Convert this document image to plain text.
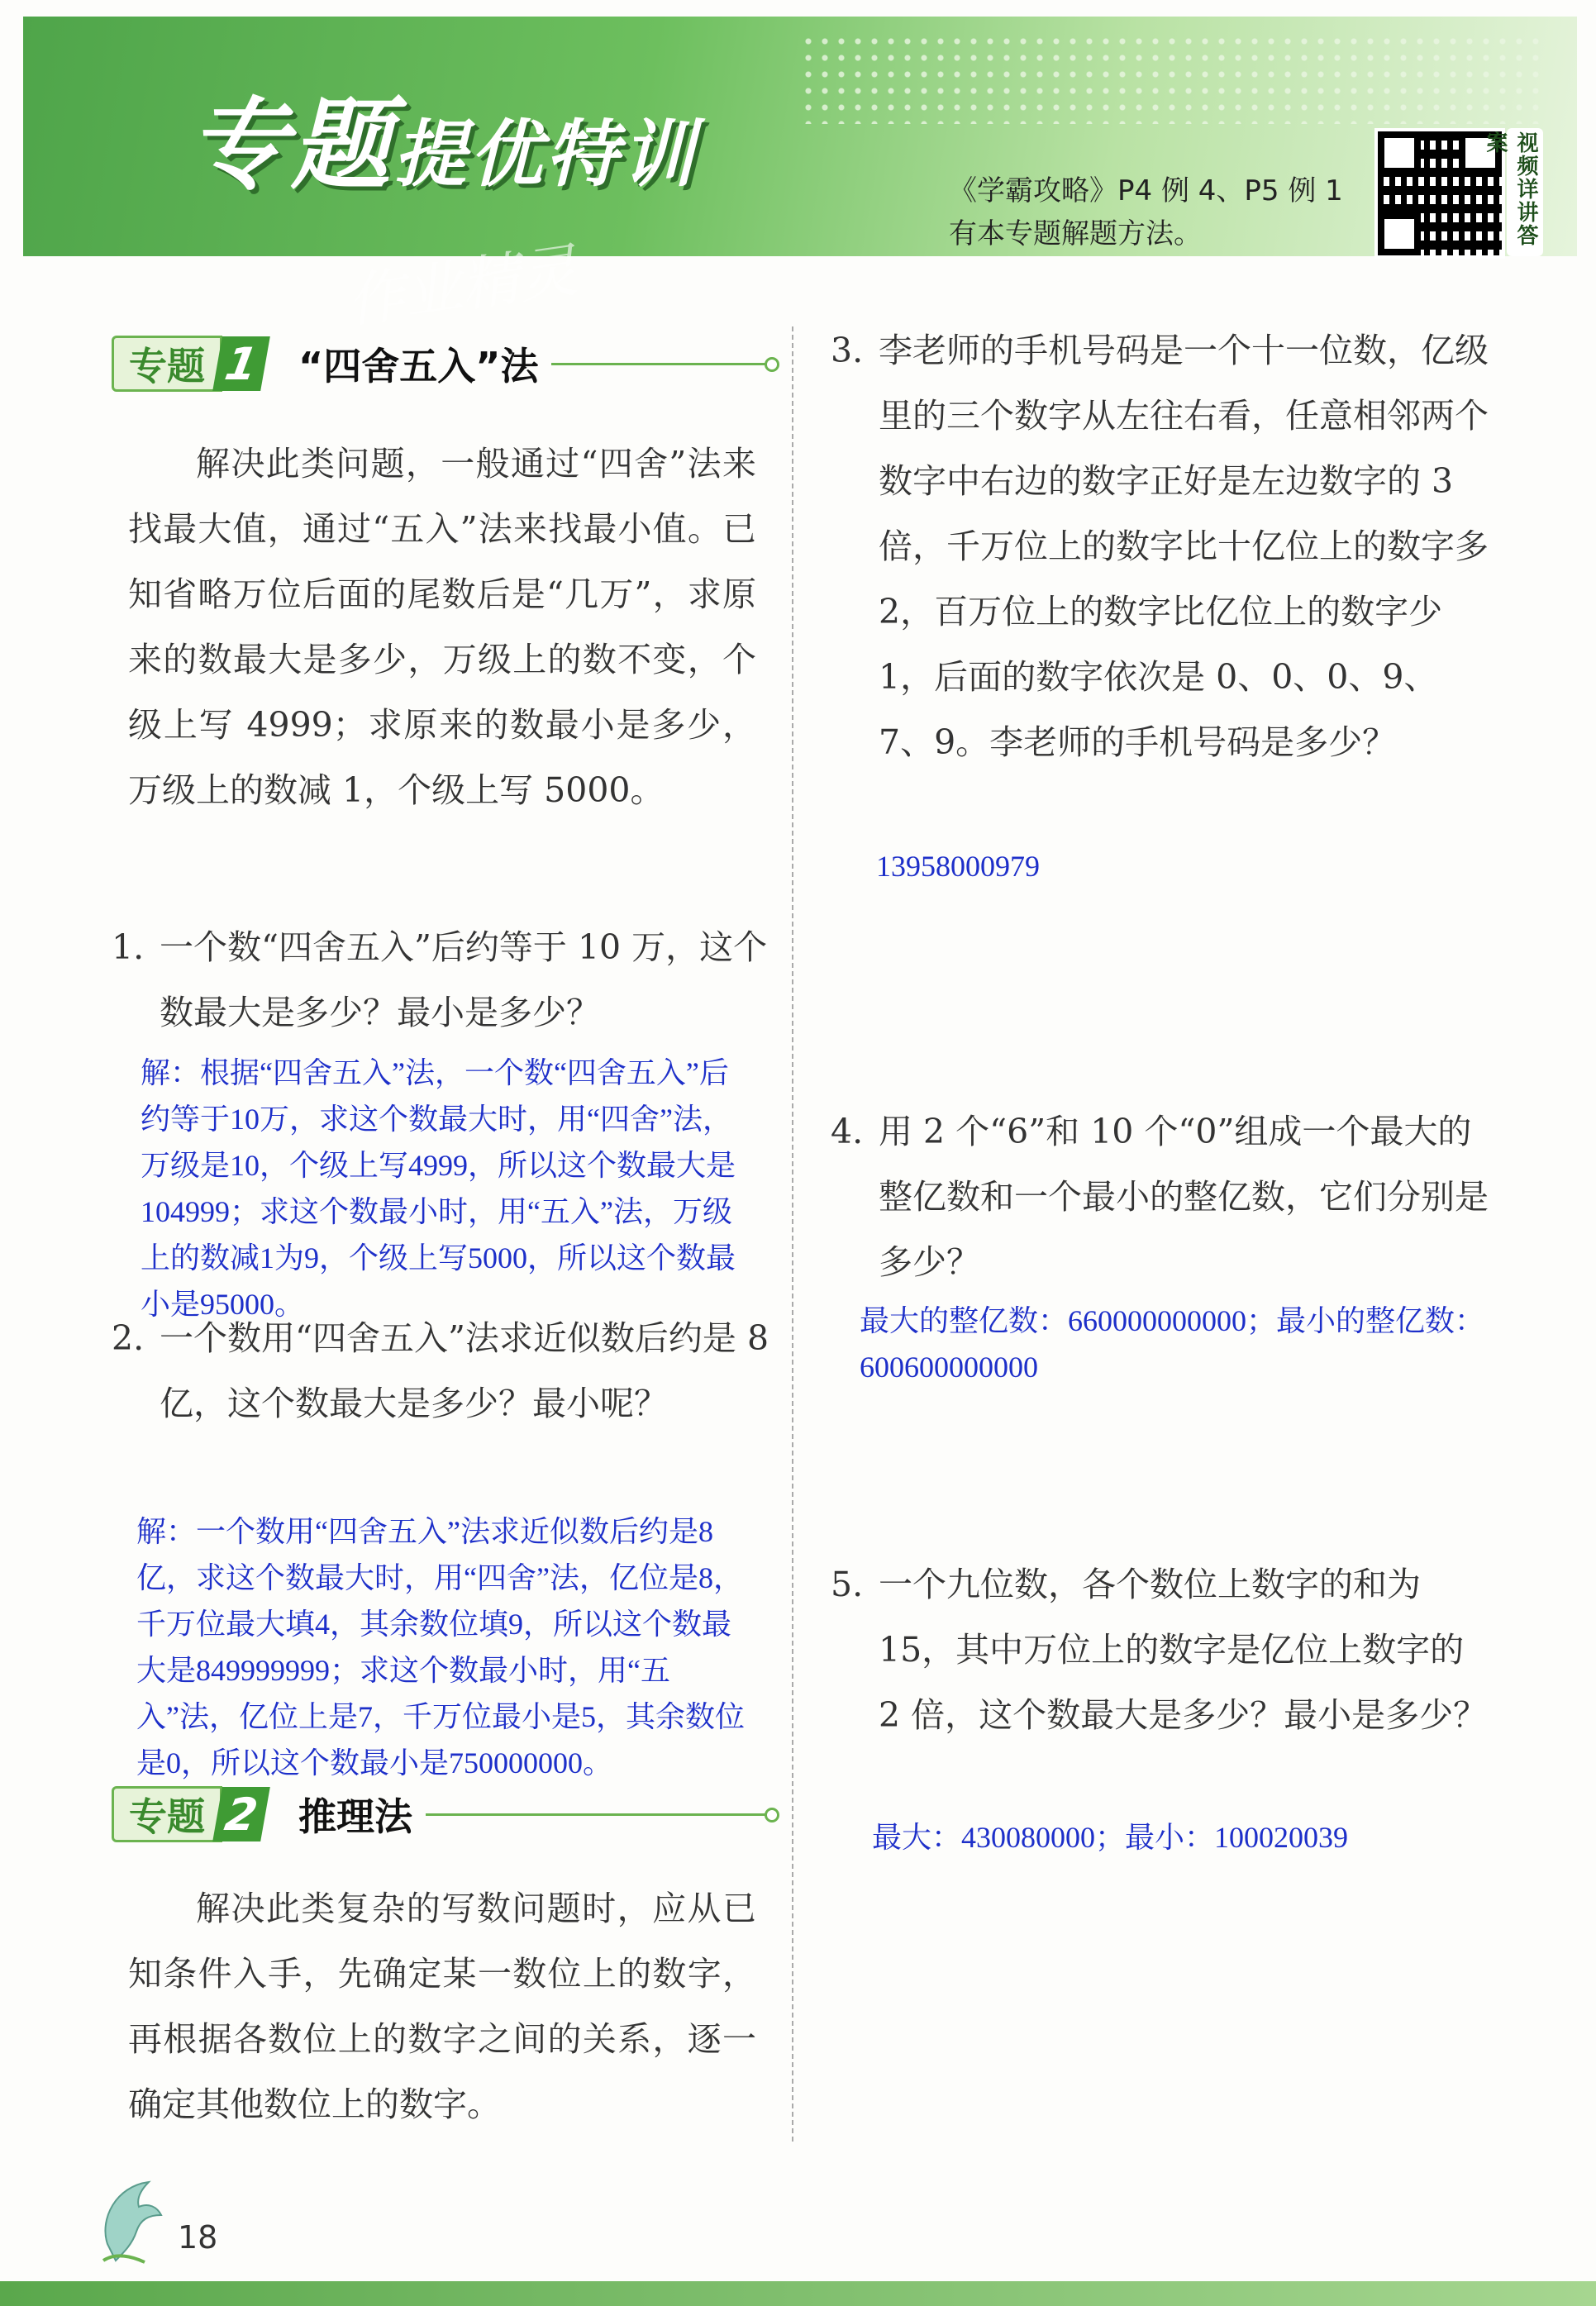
专题提优特训
作业精灵
《学霸攻略》P4 例 4、P5 例 1
有本专题解题方法。	视频详讲答案
专题 1 “四舍五入”法
解决此类问题，一般通过“四舍”法来找最大值，通过“五入”法来找最小值。已知省略万位后面的尾数后是“几万”，求原来的数最大是多少，万级上的数不变，个级上写 4999；求原来的数最小是多少，万级上的数减 1，个级上写 5000。
1. 一个数“四舍五入”后约等于 10 万，这个数最大是多少？最小是多少？
解：根据“四舍五入”法，一个数“四舍五入”后约等于10万，求这个数最大时，用“四舍”法，万级是10，个级上写4999，所以这个数最大是104999；求这个数最小时，用“五入”法，万级上的数减1为9，个级上写5000，所以这个数最小是95000。
2. 一个数用“四舍五入”法求近似数后约是 8 亿，这个数最大是多少？最小呢？
解：一个数用“四舍五入”法求近似数后约是8亿，求这个数最大时，用“四舍”法，亿位是8，千万位最大填4，其余数位填9，所以这个数最大是849999999；求这个数最小时，用“五入”法，亿位上是7，千万位最小是5，其余数位是0，所以这个数最小是750000000。
专题 2 推理法
解决此类复杂的写数问题时，应从已知条件入手，先确定某一数位上的数字，再根据各数位上的数字之间的关系，逐一确定其他数位上的数字。
3. 李老师的手机号码是一个十一位数，亿级里的三个数字从左往右看，任意相邻两个数字中右边的数字正好是左边数字的 3 倍，千万位上的数字比十亿位上的数字多 2，百万位上的数字比亿位上的数字少 1，后面的数字依次是 0、0、0、9、7、9。李老师的手机号码是多少？
13958000979
4. 用 2 个“6”和 10 个“0”组成一个最大的整亿数和一个最小的整亿数，它们分别是多少？
最大的整亿数：660000000000；最小的整亿数：600600000000
5. 一个九位数，各个数位上数字的和为 15，其中万位上的数字是亿位上数字的 2 倍，这个数最大是多少？最小是多少？
最大：430080000；最小：100020039
18
